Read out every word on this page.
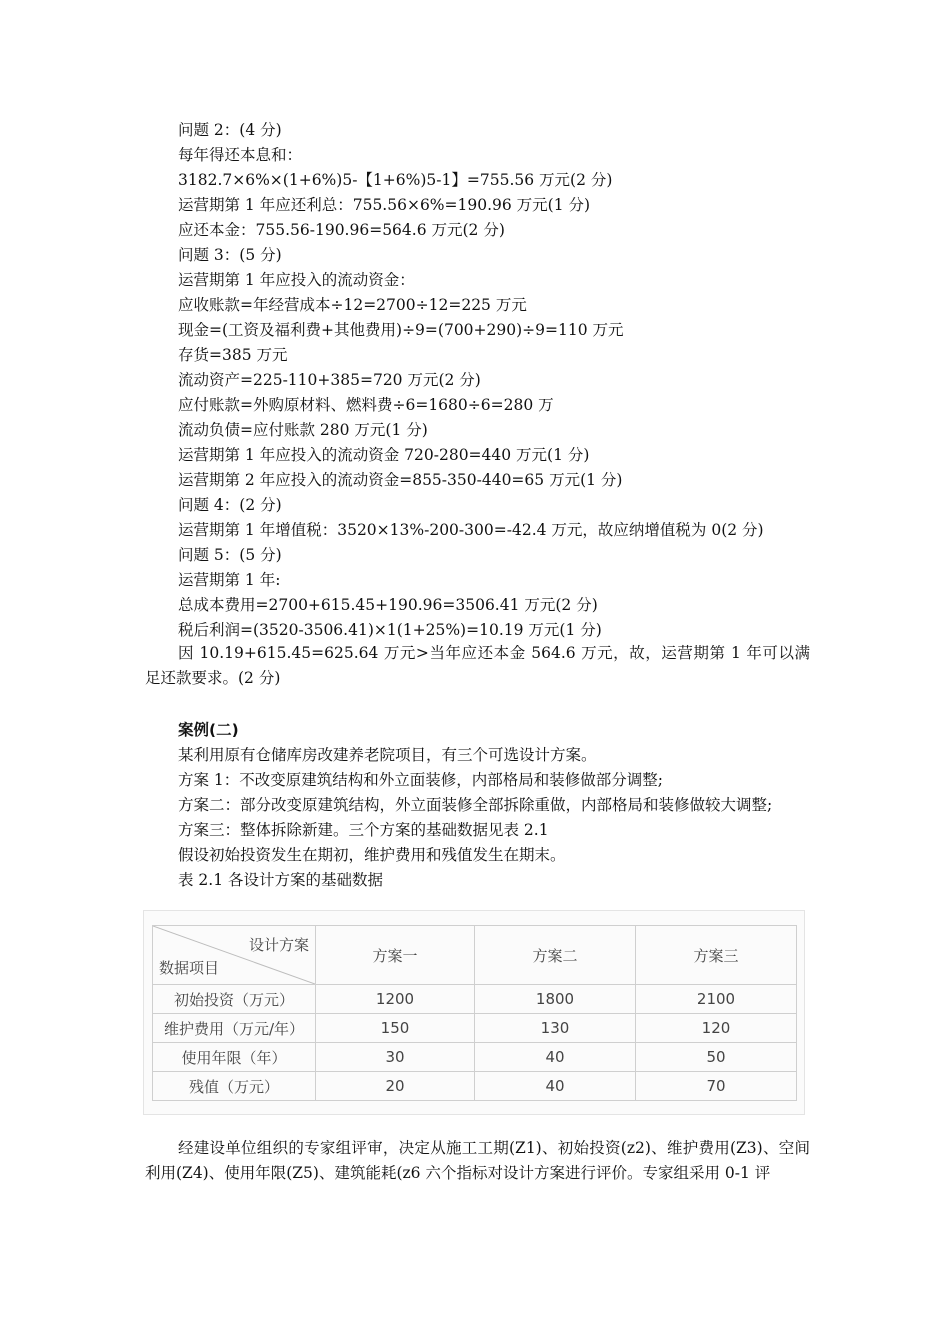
问题 2：(4 分)
每年得还本息和：
3182.7×6%×(1+6%)5-【1+6%)5-1】=755.56 万元(2 分)
运营期第 1 年应还利总：755.56×6%=190.96 万元(1 分)
应还本金：755.56-190.96=564.6 万元(2 分)
问题 3：(5 分)
运营期第 1 年应投入的流动资金：
应收账款=年经营成本÷12=2700÷12=225 万元
现金=(工资及福利费+其他费用)÷9=(700+290)÷9=110 万元
存货=385 万元
流动资产=225-110+385=720 万元(2 分)
应付账款=外购原材料、燃料费÷6=1680÷6=280 万
流动负债=应付账款 280 万元(1 分)
运营期第 1 年应投入的流动资金 720-280=440 万元(1 分)
运营期第 2 年应投入的流动资金=855-350-440=65 万元(1 分)
问题 4：(2 分)
运营期第 1 年增值税：3520×13%-200-300=-42.4 万元，故应纳增值税为 0(2 分)
问题 5：(5 分)
运营期第 1 年:
总成本费用=2700+615.45+190.96=3506.41 万元(2 分)
税后利润=(3520-3506.41)×1(1+25%)=10.19 万元(1 分)
因 10.19+615.45=625.64 万元>当年应还本金 564.6 万元，故，运营期第 1 年可以满足还款要求。(2 分)
案例(二)
某利用原有仓储库房改建养老院项目，有三个可选设计方案。
方案 1：不改变原建筑结构和外立面装修，内部格局和装修做部分调整;
方案二：部分改变原建筑结构，外立面装修全部拆除重做，内部格局和装修做较大调整;
方案三：整体拆除新建。三个方案的基础数据见表 2.1
假设初始投资发生在期初，维护费用和残值发生在期末。
表 2.1 各设计方案的基础数据
设计方案
数据项目	方案一	方案二	方案三
初始投资（万元）	1200	1800	2100
维护费用（万元/年）	150	130	120
使用年限（年）	30	40	50
残值（万元）	20	40	70
经建设单位组织的专家组评审，决定从施工工期(Z1)、初始投资(z2)、维护费用(Z3)、空间利用(Z4)、使用年限(Z5)、建筑能耗(z6 六个指标对设计方案进行评价。专家组采用 0-1 评
